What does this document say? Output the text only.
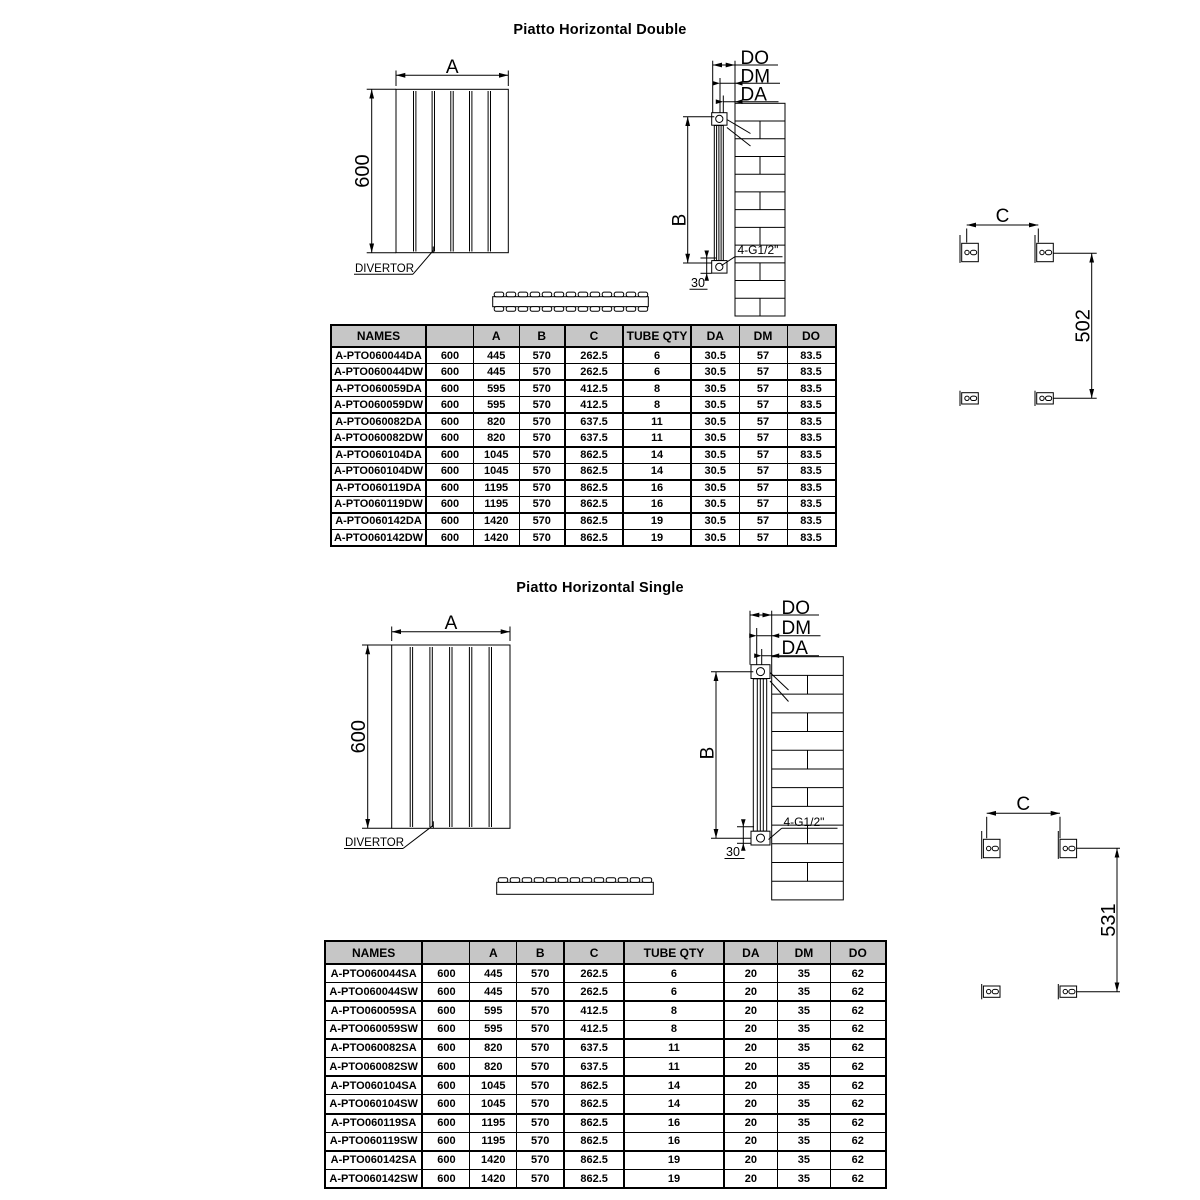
Piatto Horizontal Double
Piatto Horizontal Single
600
A
DIVERTOR
B
DO
DM
DA
4-G1/2"
30
C
502
600
A
DIVERTOR
B
DO
DM
DA
4-G1/2"
30
C
531
NAMES		A	B	C	TUBE QTY	DA	DM	DO
A-PTO060044DA	600	445	570	262.5	6	30.5	57	83.5
A-PTO060044DW	600	445	570	262.5	6	30.5	57	83.5
A-PTO060059DA	600	595	570	412.5	8	30.5	57	83.5
A-PTO060059DW	600	595	570	412.5	8	30.5	57	83.5
A-PTO060082DA	600	820	570	637.5	11	30.5	57	83.5
A-PTO060082DW	600	820	570	637.5	11	30.5	57	83.5
A-PTO060104DA	600	1045	570	862.5	14	30.5	57	83.5
A-PTO060104DW	600	1045	570	862.5	14	30.5	57	83.5
A-PTO060119DA	600	1195	570	862.5	16	30.5	57	83.5
A-PTO060119DW	600	1195	570	862.5	16	30.5	57	83.5
A-PTO060142DA	600	1420	570	862.5	19	30.5	57	83.5
A-PTO060142DW	600	1420	570	862.5	19	30.5	57	83.5
NAMES		A	B	C	TUBE QTY	DA	DM	DO
A-PTO060044SA	600	445	570	262.5	6	20	35	62
A-PTO060044SW	600	445	570	262.5	6	20	35	62
A-PTO060059SA	600	595	570	412.5	8	20	35	62
A-PTO060059SW	600	595	570	412.5	8	20	35	62
A-PTO060082SA	600	820	570	637.5	11	20	35	62
A-PTO060082SW	600	820	570	637.5	11	20	35	62
A-PTO060104SA	600	1045	570	862.5	14	20	35	62
A-PTO060104SW	600	1045	570	862.5	14	20	35	62
A-PTO060119SA	600	1195	570	862.5	16	20	35	62
A-PTO060119SW	600	1195	570	862.5	16	20	35	62
A-PTO060142SA	600	1420	570	862.5	19	20	35	62
A-PTO060142SW	600	1420	570	862.5	19	20	35	62
